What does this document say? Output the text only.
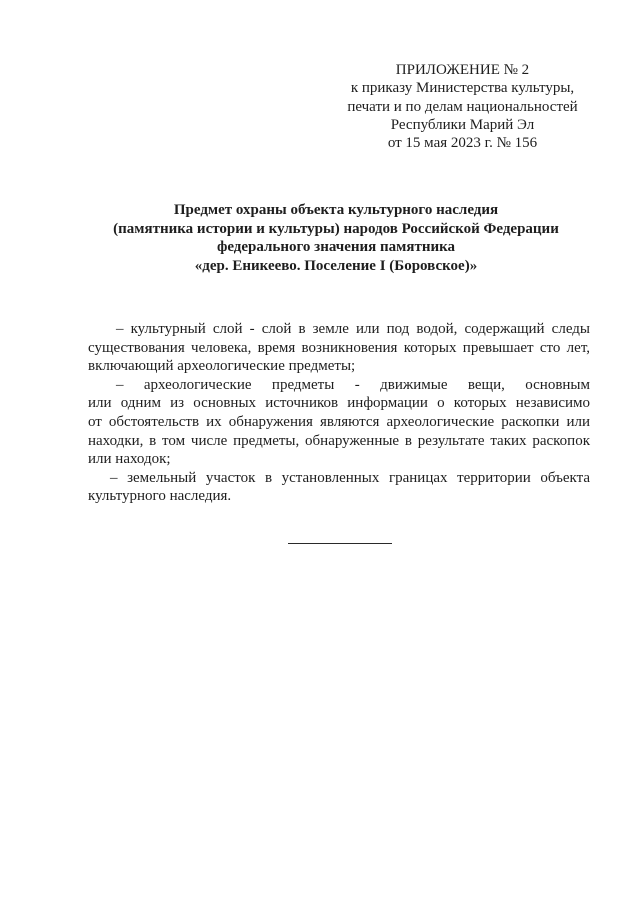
ПРИЛОЖЕНИЕ № 2
к приказу Министерства культуры,
печати и по делам национальностей
Республики Марий Эл
от 15 мая 2023 г. № 156
Предмет охраны объекта культурного наследия
(памятника истории и культуры) народов Российской Федерации
федерального значения памятника
«дер. Еникеево. Поселение I (Боровское)»
– культурный слой - слой в земле или под водой, содержащий следы
существования человека, время возникновения которых превышает сто лет,
включающий археологические предметы;
– археологические предметы - движимые вещи, основным
или одним из основных источников информации о которых независимо
от обстоятельств их обнаружения являются археологические раскопки или
находки, в том числе предметы, обнаруженные в результате таких раскопок
или находок;
– земельный участок в установленных границах территории объекта
культурного наследия.
